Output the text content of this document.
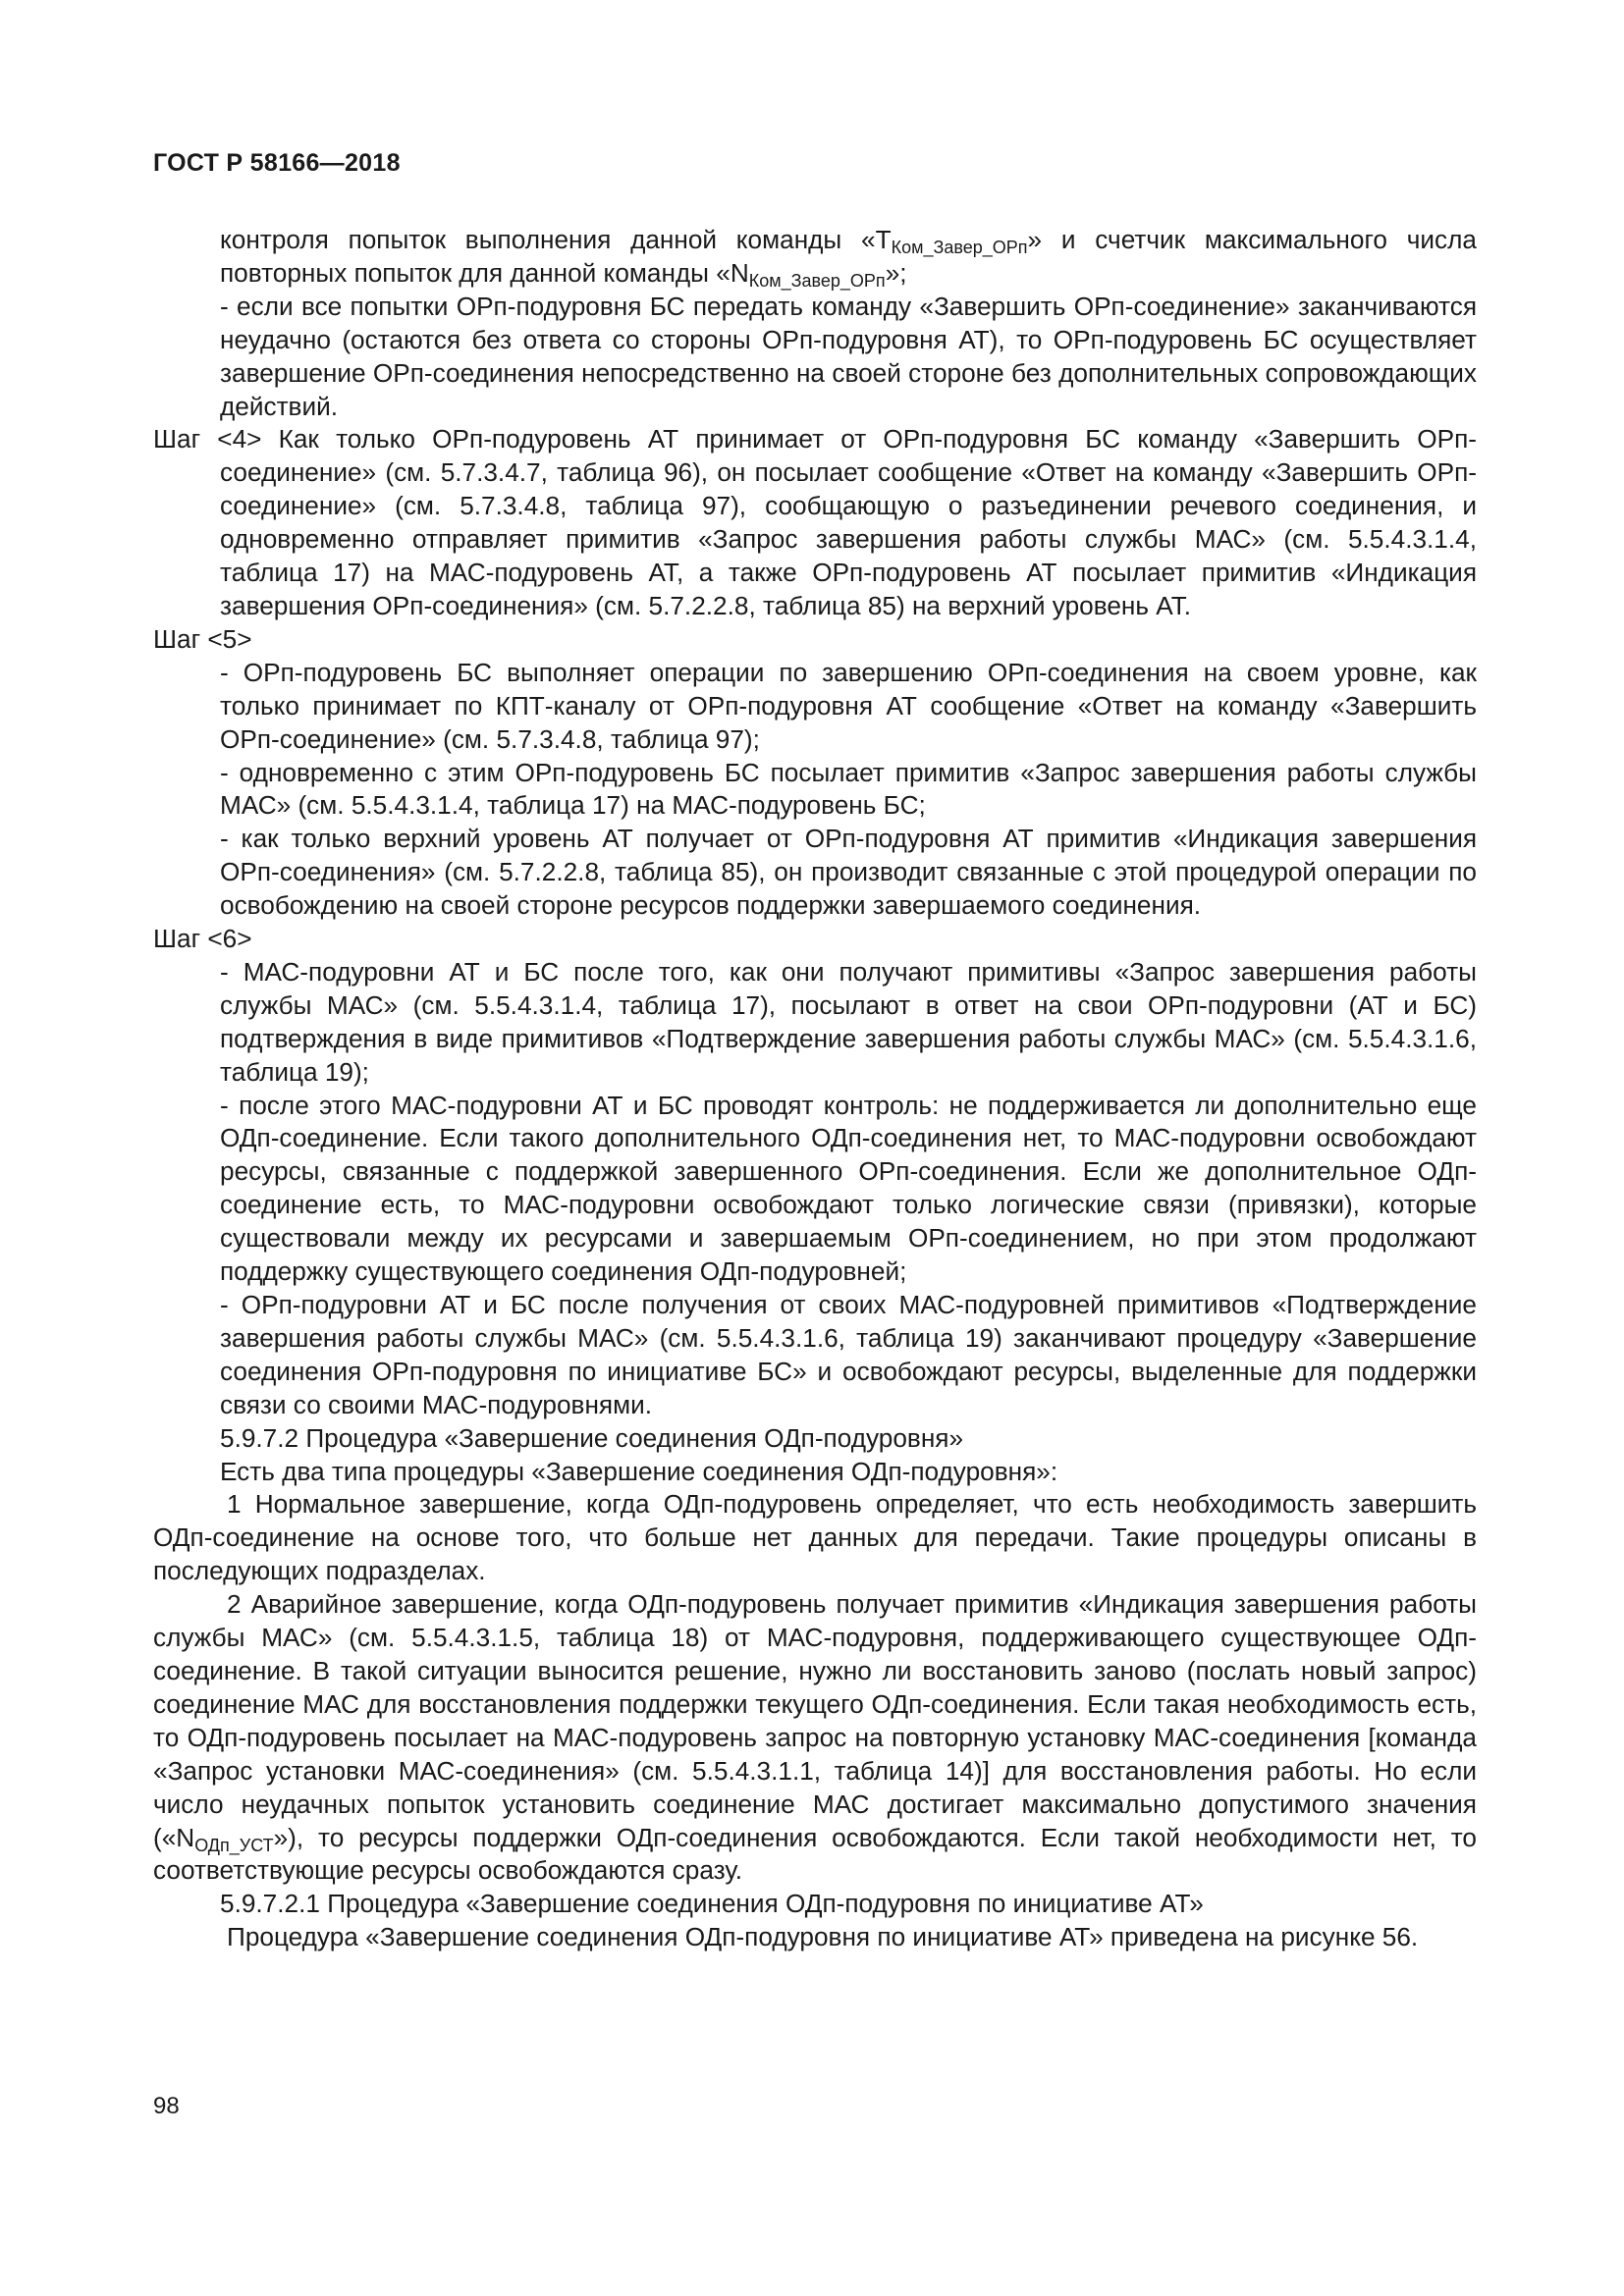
ГОСТ Р 58166—2018

контроля попыток выполнения данной команды «$Т_{Ком\_Завер\_ОРп}$» и счетчик максимального числа повторных попыток для данной команды «$N_{Ком\_Завер\_ОРп}$»;

- если все попытки ОРп-подуровня БС передать команду «Завершить ОРп-соединение» заканчиваются неудачно (остаются без ответа со стороны ОРп-подуровня АТ), то ОРп-подуровень БС осуществляет завершение ОРп-соединения непосредственно на своей стороне без дополнительных сопровождающих действий.

Шаг <4> Как только ОРп-подуровень АТ принимает от ОРп-подуровня БС команду «Завершить ОРп-соединение» (см. 5.7.3.4.7, таблица 96), он посылает сообщение «Ответ на команду «Завершить ОРп-соединение» (см. 5.7.3.4.8, таблица 97), сообщающую о разъединении речевого соединения, и одновременно отправляет примитив «Запрос завершения работы службы МАС» (см. 5.5.4.3.1.4, таблица 17) на МАС-подуровень АТ, а также ОРп-подуровень АТ посылает примитив «Индикация завершения ОРп-соединения» (см. 5.7.2.2.8, таблица 85) на верхний уровень АТ.

Шаг <5>

- ОРп-подуровень БС выполняет операции по завершению ОРп-соединения на своем уровне, как только принимает по КПТ-каналу от ОРп-подуровня АТ сообщение «Ответ на команду «Завершить ОРп-соединение» (см. 5.7.3.4.8, таблица 97);

- одновременно с этим ОРп-подуровень БС посылает примитив «Запрос завершения работы службы МАС» (см. 5.5.4.3.1.4, таблица 17) на МАС-подуровень БС;

- как только верхний уровень АТ получает от ОРп-подуровня АТ примитив «Индикация завершения ОРп-соединения» (см. 5.7.2.2.8, таблица 85), он производит связанные с этой процедурой операции по освобождению на своей стороне ресурсов поддержки завершаемого соединения.

Шаг <6>

- МАС-подуровни АТ и БС после того, как они получают примитивы «Запрос завершения работы службы МАС» (см. 5.5.4.3.1.4, таблица 17), посылают в ответ на свои ОРп-подуровни (АТ и БС) подтверждения в виде примитивов «Подтверждение завершения работы службы МАС» (см. 5.5.4.3.1.6, таблица 19);

- после этого МАС-подуровни АТ и БС проводят контроль: не поддерживается ли дополнительно еще ОДп-соединение. Если такого дополнительного ОДп-соединения нет, то МАС-подуровни освобождают ресурсы, связанные с поддержкой завершенного ОРп-соединения. Если же дополнительное ОДп-соединение есть, то МАС-подуровни освобождают только логические связи (привязки), которые существовали между их ресурсами и завершаемым ОРп-соединением, но при этом продолжают поддержку существующего соединения ОДп-подуровней;

- ОРп-подуровни АТ и БС после получения от своих МАС-подуровней примитивов «Подтверждение завершения работы службы МАС» (см. 5.5.4.3.1.6, таблица 19) заканчивают процедуру «Завершение соединения ОРп-подуровня по инициативе БС» и освобождают ресурсы, выделенные для поддержки связи со своими МАС-подуровнями.

5.9.7.2 Процедура «Завершение соединения ОДп-подуровня»

Есть два типа процедуры «Завершение соединения ОДп-подуровня»:

1 Нормальное завершение, когда ОДп-подуровень определяет, что есть необходимость завершить ОДп-соединение на основе того, что больше нет данных для передачи. Такие процедуры описаны в последующих подразделах.

2 Аварийное завершение, когда ОДп-подуровень получает примитив «Индикация завершения работы службы МАС» (см. 5.5.4.3.1.5, таблица 18) от МАС-подуровня, поддерживающего существующее ОДп-соединение. В такой ситуации выносится решение, нужно ли восстановить заново (послать новый запрос) соединение МАС для восстановления поддержки текущего ОДп-соединения. Если такая необходимость есть, то ОДп-подуровень посылает на МАС-подуровень запрос на повторную установку МАС-соединения [команда «Запрос установки МАС-соединения» (см. 5.5.4.3.1.1, таблица 14)] для восстановления работы. Но если число неудачных попыток установить соединение МАС достигает максимально допустимого значения $(«N_{ОДп\_УСТ}»)$, то ресурсы поддержки ОДп-соединения освобождаются. Если такой необходимости нет, то соответствующие ресурсы освобождаются сразу.

5.9.7.2.1 Процедура «Завершение соединения ОДп-подуровня по инициативе АТ»

Процедура «Завершение соединения ОДп-подуровня по инициативе АТ» приведена на рисунке 56.

98
